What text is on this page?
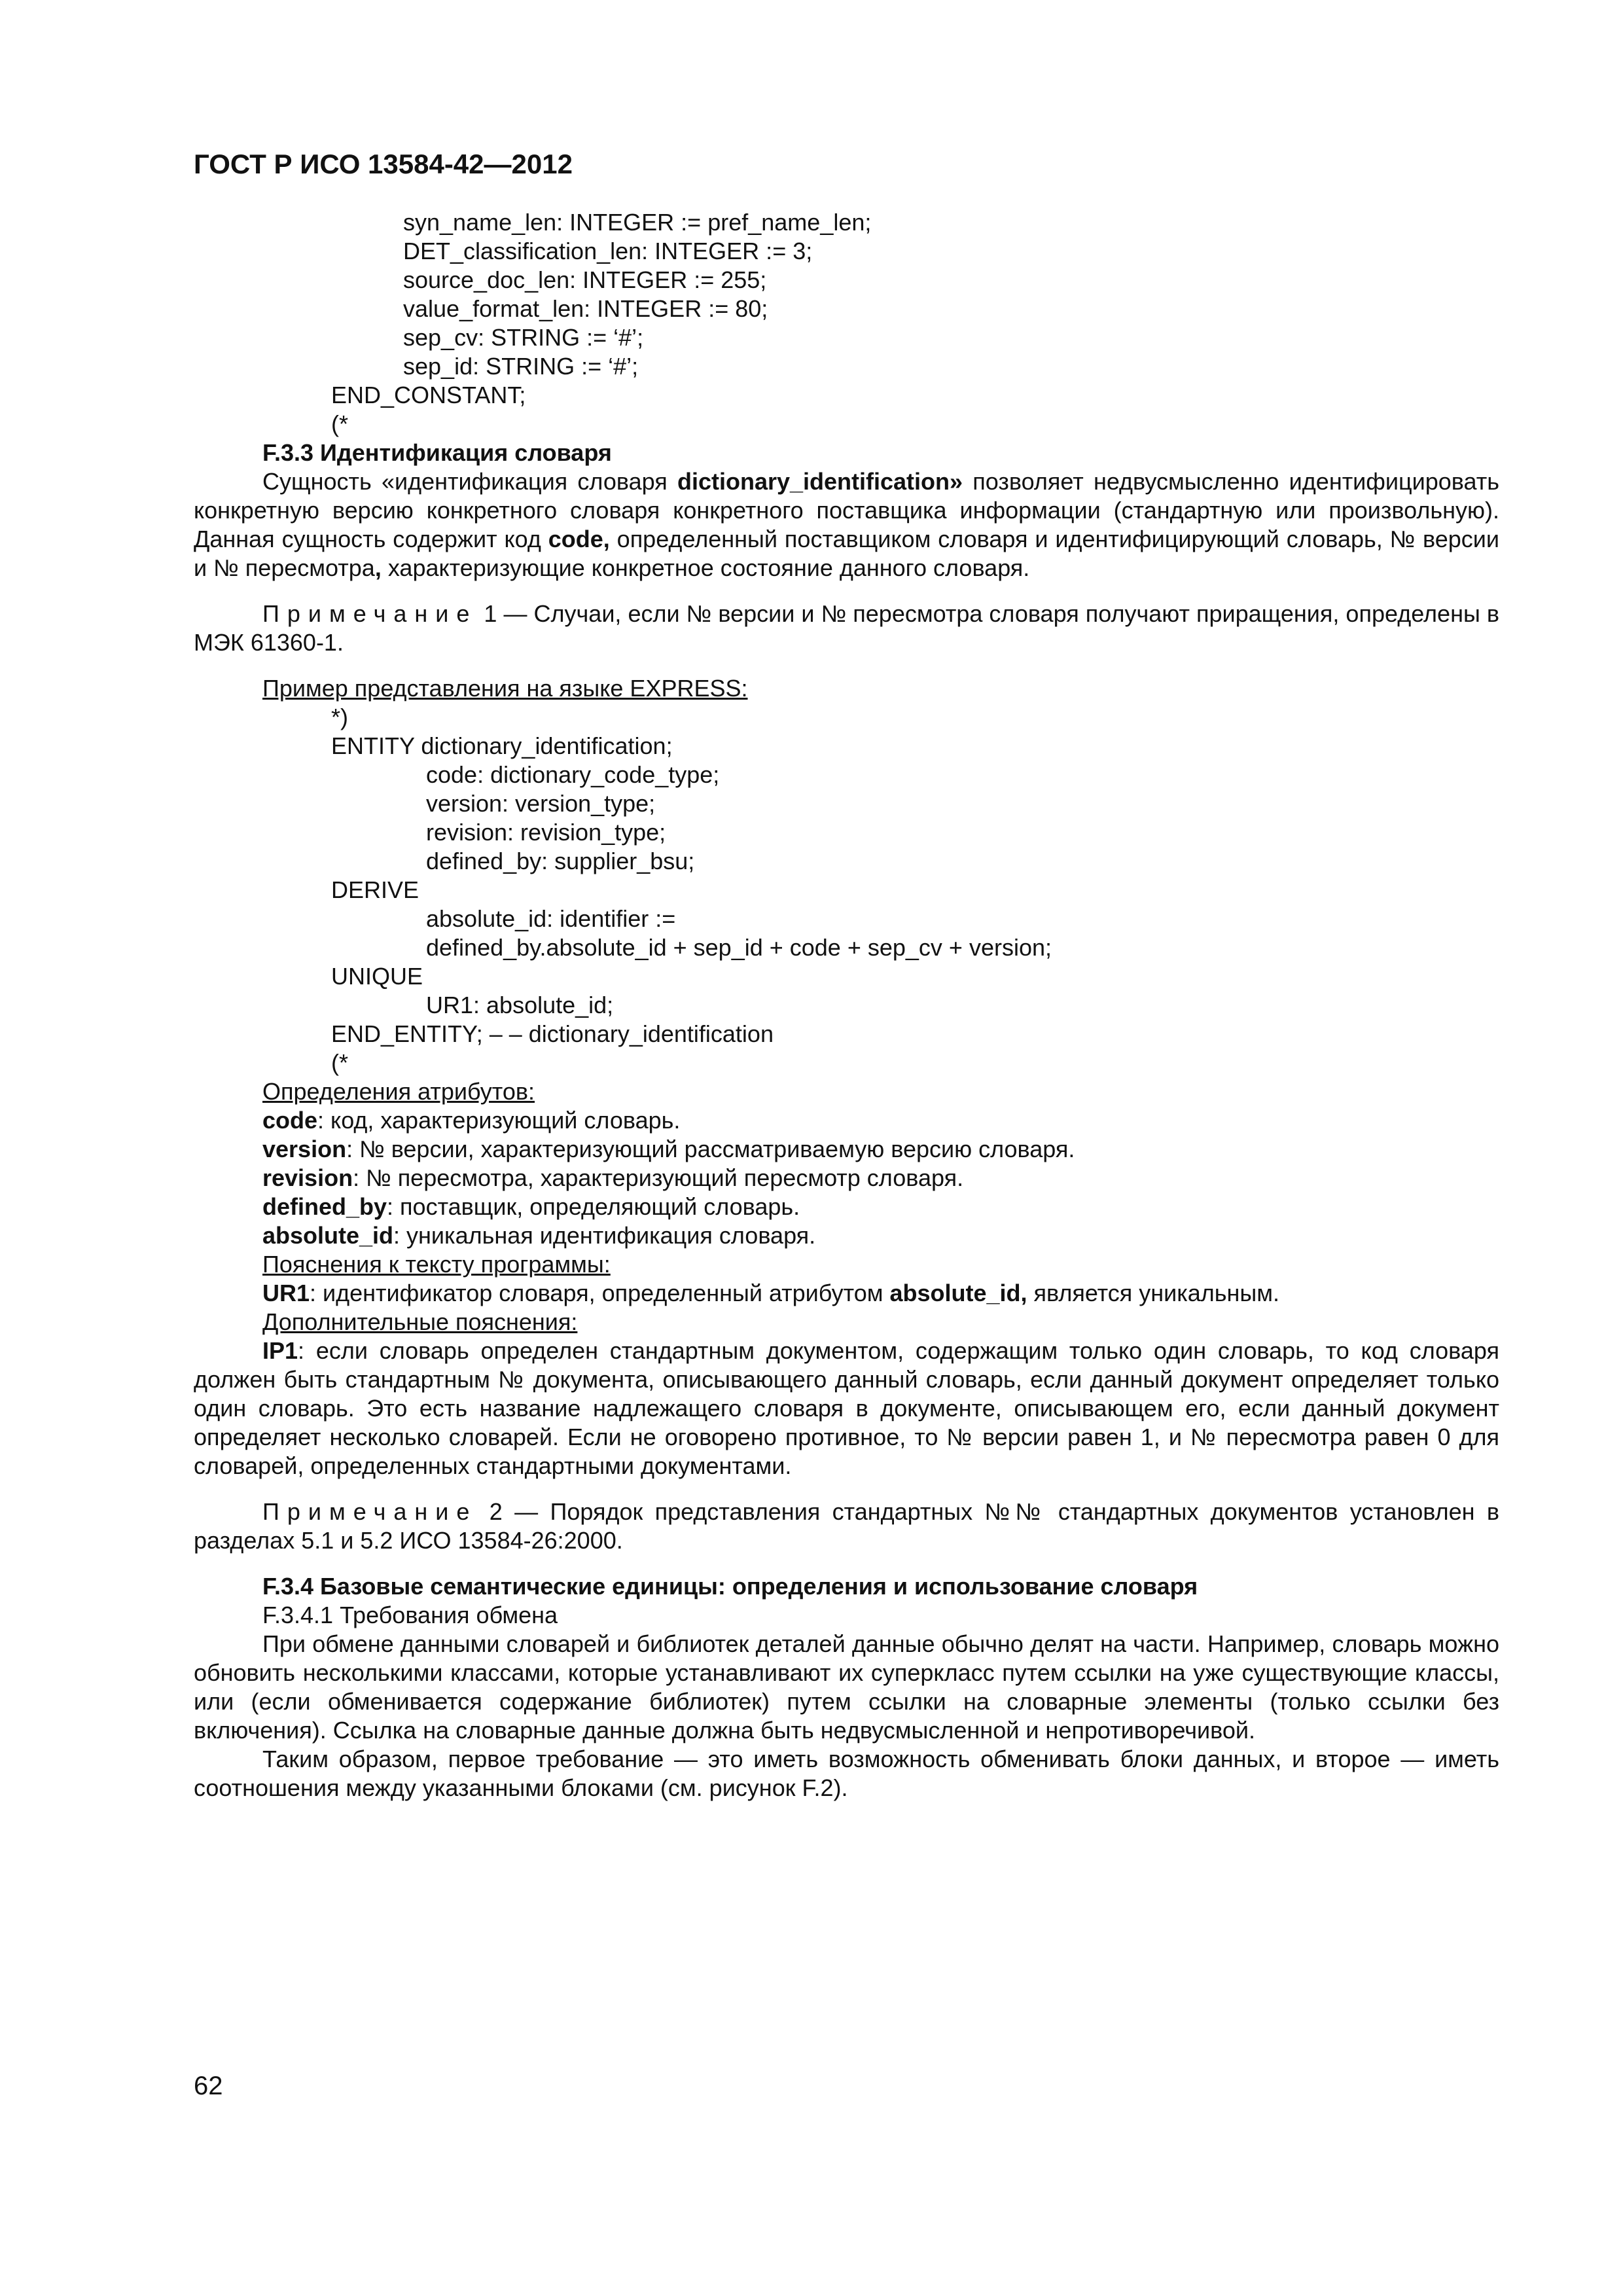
ГОСТ Р ИСО 13584-42—2012
syn_name_len: INTEGER := pref_name_len;
DET_classification_len: INTEGER := 3;
source_doc_len: INTEGER := 255;
value_format_len: INTEGER := 80;
sep_cv: STRING := ‘#’;
sep_id: STRING := ‘#’;
END_CONSTANT;
(*
F.3.3 Идентификация словаря
Сущность «идентификация словаря dictionary_identification» позволяет недвусмысленно идентифицировать конкретную версию конкретного словаря конкретного поставщика информации (стандартную или произвольную). Данная сущность содержит код code, определенный поставщиком словаря и идентифицирующий словарь, № версии и № пересмотра, характеризующие конкретное состояние данного словаря.
Примечание 1 — Случаи, если № версии и № пересмотра словаря получают приращения, определены в МЭК 61360-1.
Пример представления на языке EXPRESS:
*)
ENTITY dictionary_identification;
code: dictionary_code_type;
version: version_type;
revision: revision_type;
defined_by: supplier_bsu;
DERIVE
absolute_id: identifier :=
defined_by.absolute_id + sep_id + code + sep_cv + version;
UNIQUE
UR1: absolute_id;
END_ENTITY; – – dictionary_identification
(*
Определения атрибутов:
code: код, характеризующий словарь.
version: № версии, характеризующий рассматриваемую версию словаря.
revision: № пересмотра, характеризующий пересмотр словаря.
defined_by: поставщик, определяющий словарь.
absolute_id: уникальная идентификация словаря.
Пояснения к тексту программы:
UR1: идентификатор словаря, определенный атрибутом absolute_id, является уникальным.
Дополнительные пояснения:
IP1: если словарь определен стандартным документом, содержащим только один словарь, то код словаря должен быть стандартным № документа, описывающего данный словарь, если данный документ определяет только один словарь. Это есть название надлежащего словаря в документе, описывающем его, если данный документ определяет несколько словарей. Если не оговорено противное, то № версии равен 1, и № пересмотра равен 0 для словарей, определенных стандартными документами.
Примечание 2 — Порядок представления стандартных №№ стандартных документов установлен в разделах 5.1 и 5.2 ИСО 13584-26:2000.
F.3.4 Базовые семантические единицы: определения и использование словаря
F.3.4.1 Требования обмена
При обмене данными словарей и библиотек деталей данные обычно делят на части. Например, словарь можно обновить несколькими классами, которые устанавливают их суперкласс путем ссылки на уже существующие классы, или (если обменивается содержание библиотек) путем ссылки на словарные элементы (только ссылки без включения). Ссылка на словарные данные должна быть недвусмысленной и непротиворечивой.
Таким образом, первое требование — это иметь возможность обменивать блоки данных, и второе — иметь соотношения между указанными блоками (см. рисунок F.2).
62
